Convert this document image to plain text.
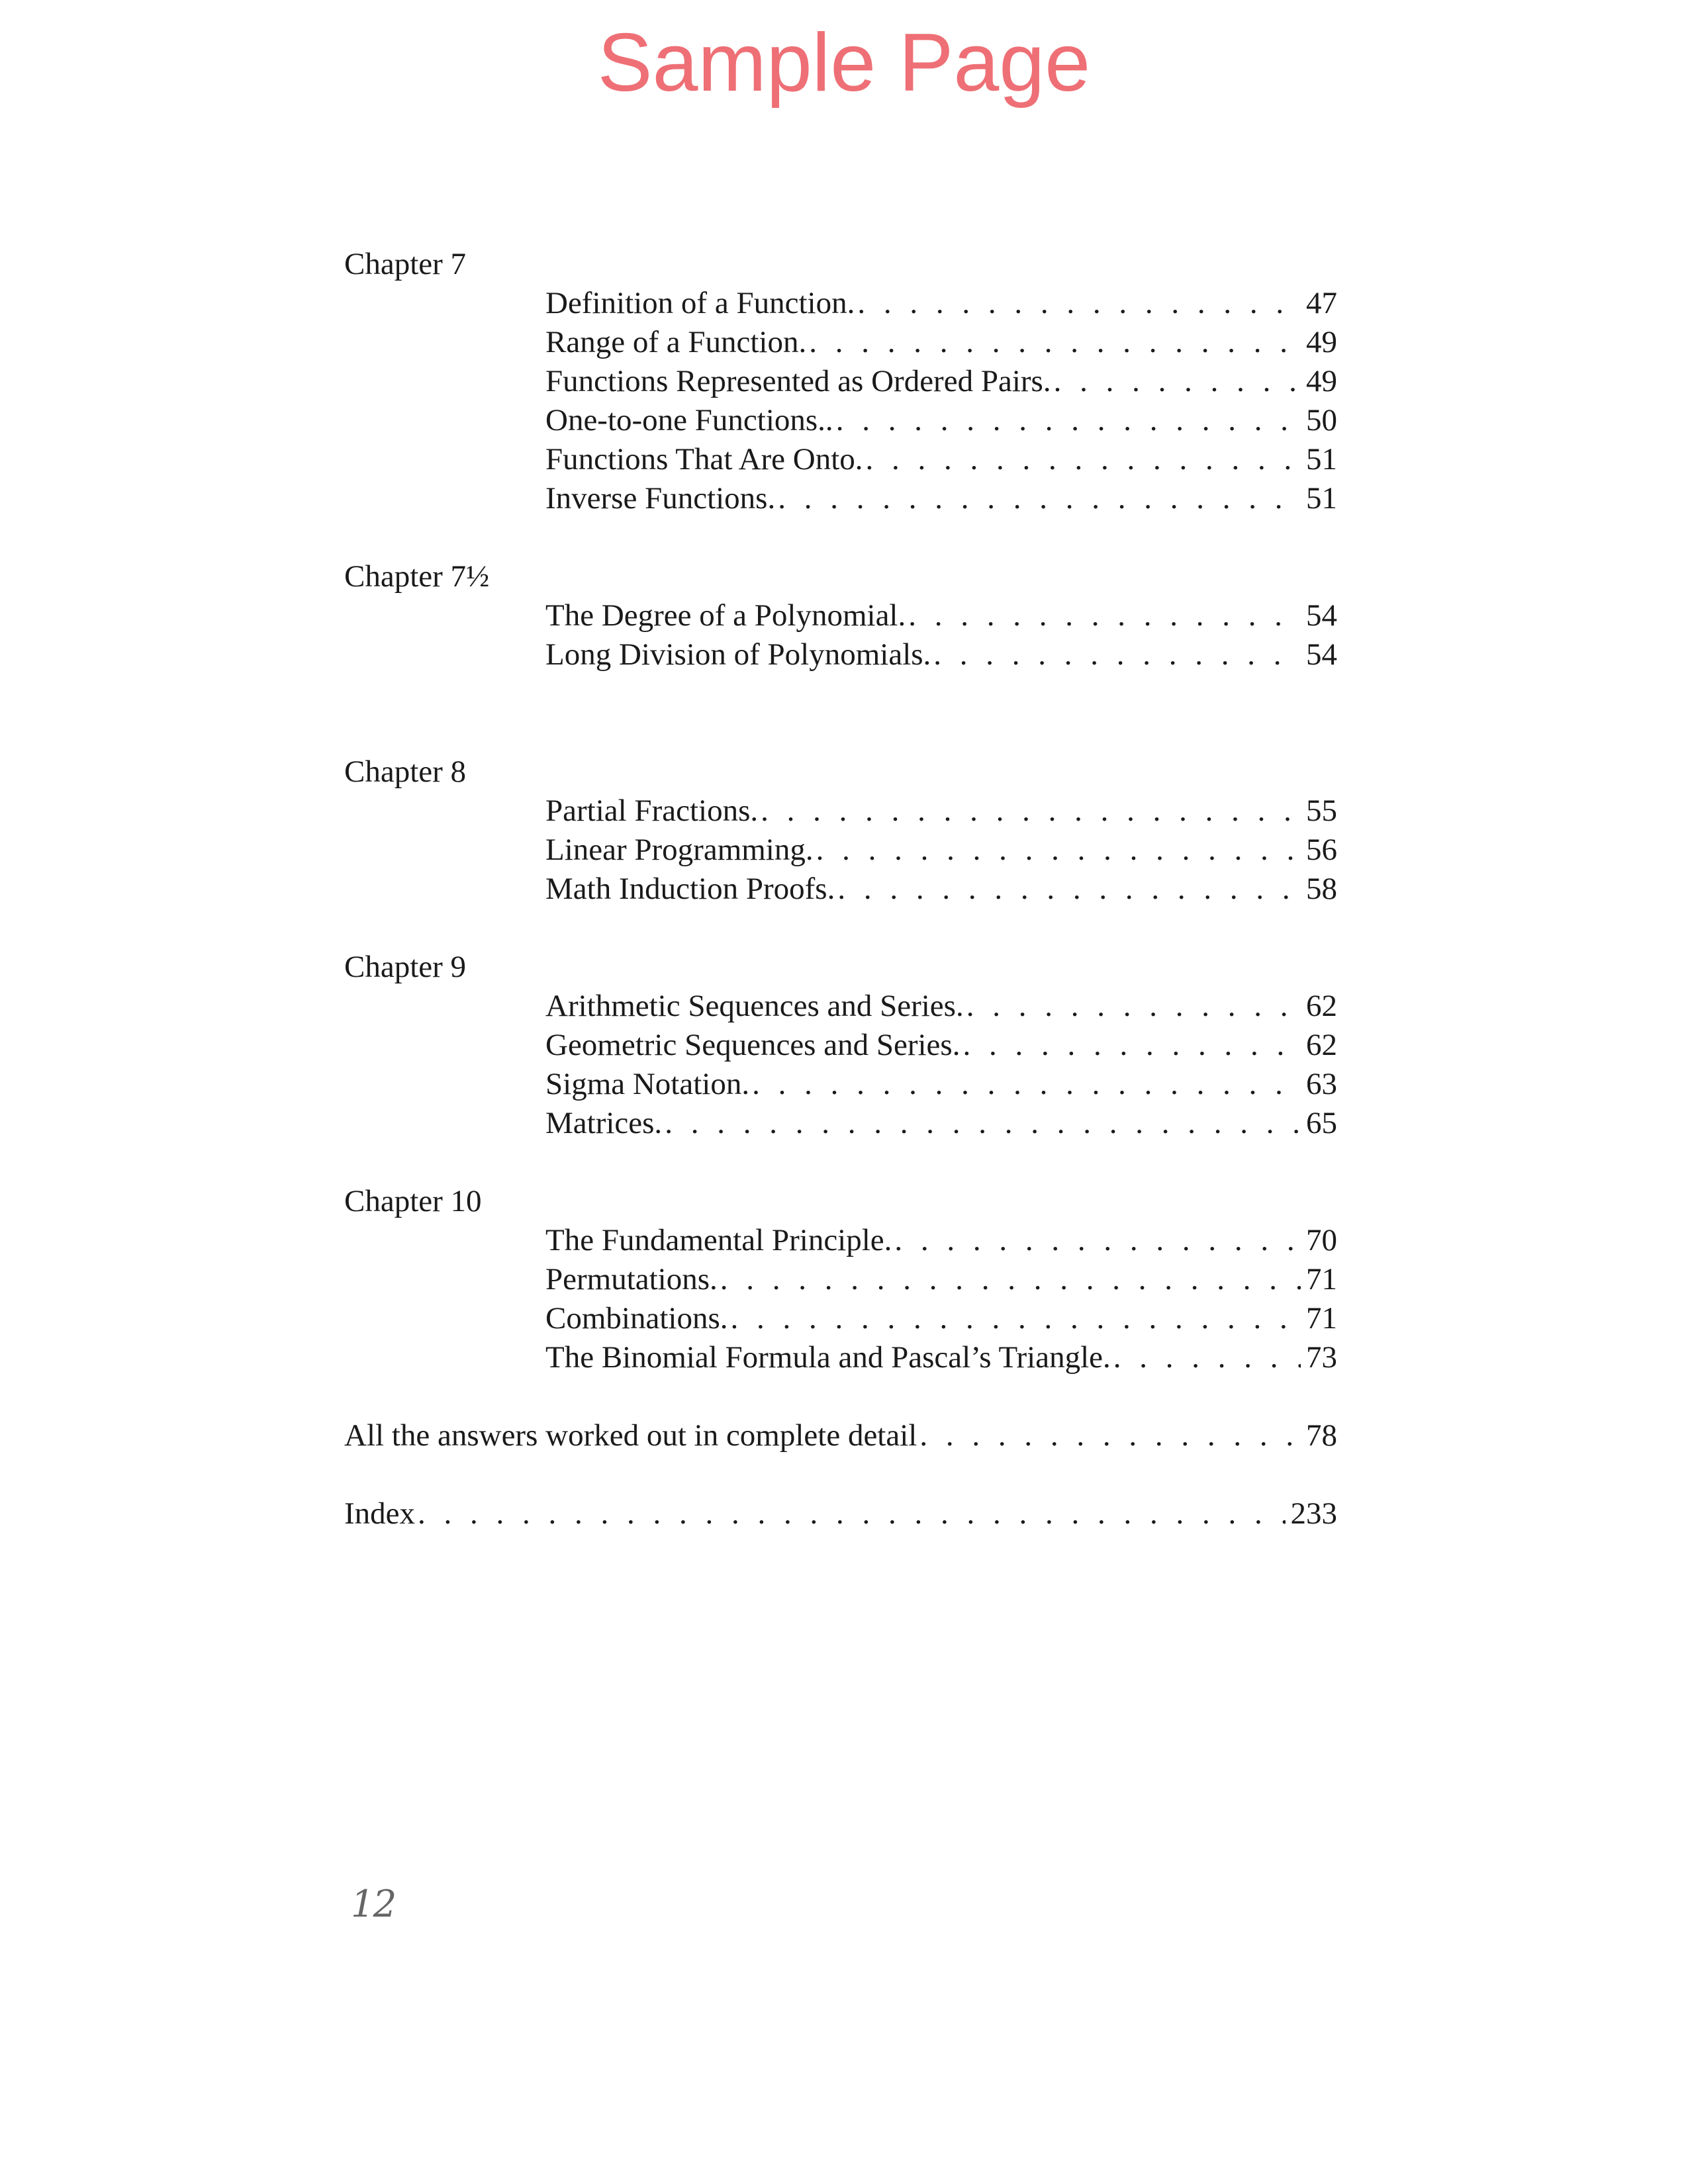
Sample Page
Chapter 7
Definition of a Function. . . .	47
Range of a Function. . . .	49
Functions Represented as Ordered Pairs. . . .	49
One-to-one Functions.. . . .	50
Functions That Are Onto. . . .	51
Inverse Functions. . . .	51
Chapter 7½
The Degree of a Polynomial. . . .	54
Long Division of Polynomials. . . .	54
Chapter 8
Partial Fractions. . . .	55
Linear Programming. . . .	56
Math Induction Proofs. . . .	58
Chapter 9
Arithmetic Sequences and Series. . . .	62
Geometric Sequences and Series. . . .	62
Sigma Notation. . . .	63
Matrices. . . .	65
Chapter 10
The Fundamental Principle. . . .	70
Permutations. . . .	71
Combinations. . . .	71
The Binomial Formula and Pascal’s Triangle. . . .	73
All the answers worked out in complete detail . . .	78
Index . . .	233
12
